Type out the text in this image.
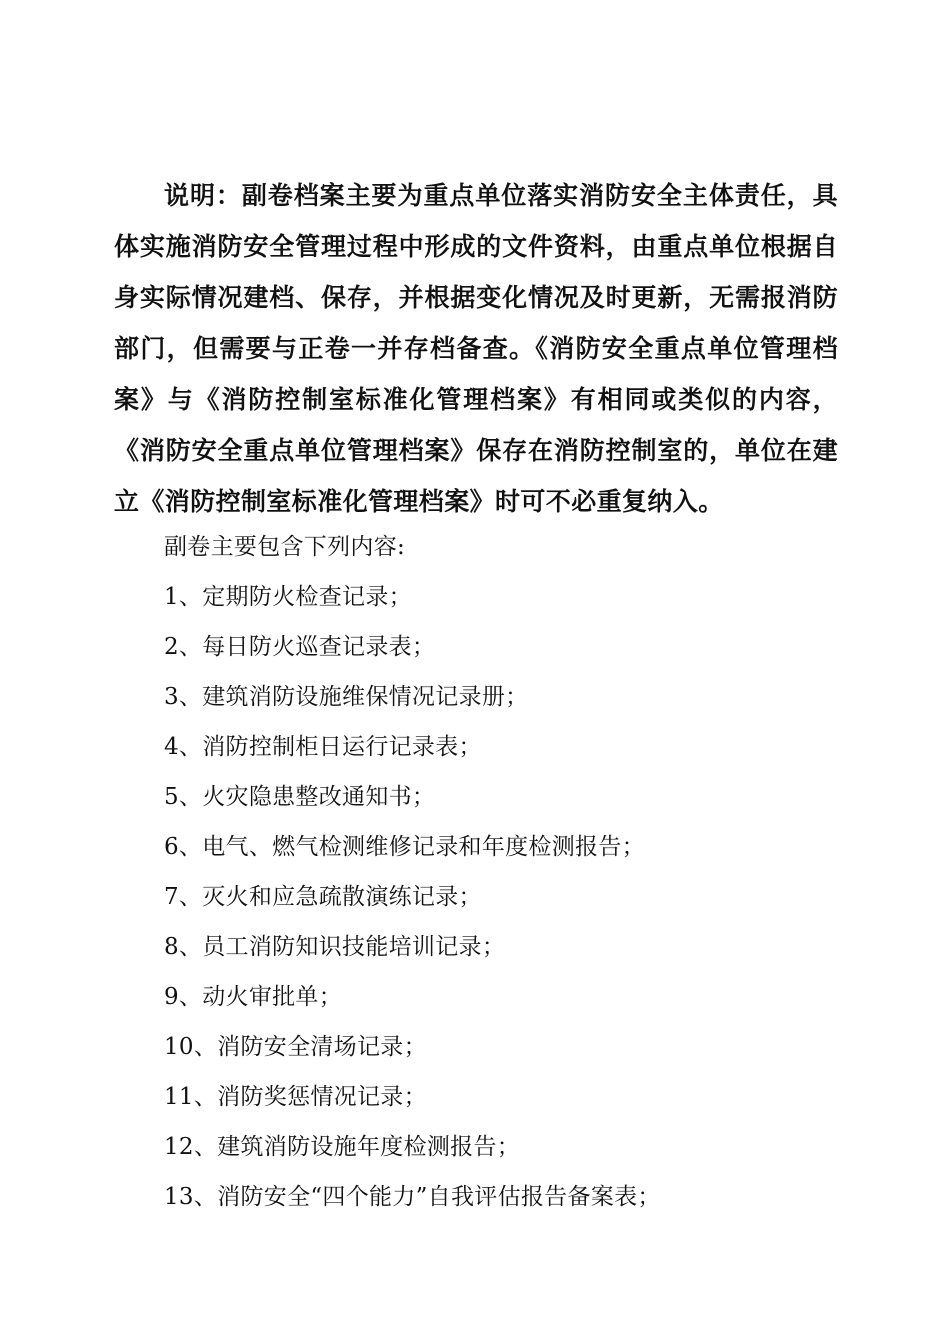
说明：副卷档案主要为重点单位落实消防安全主体责任，具体实施消防安全管理过程中形成的文件资料，由重点单位根据自身实际情况建档、保存，并根据变化情况及时更新，无需报消防部门，但需要与正卷一并存档备查。《消防安全重点单位管理档案》与《消防控制室标准化管理档案》有相同或类似的内容，《消防安全重点单位管理档案》保存在消防控制室的，单位在建立《消防控制室标准化管理档案》时可不必重复纳入。

副卷主要包含下列内容:
1、定期防火检查记录；
2、每日防火巡查记录表；
3、建筑消防设施维保情况记录册；
4、消防控制柜日运行记录表；
5、火灾隐患整改通知书；
6、电气、燃气检测维修记录和年度检测报告；
7、灭火和应急疏散演练记录；
8、员工消防知识技能培训记录；
9、动火审批单；
10、消防安全清场记录；
11、消防奖惩情况记录；
12、建筑消防设施年度检测报告；
13、消防安全“四个能力”自我评估报告备案表；
